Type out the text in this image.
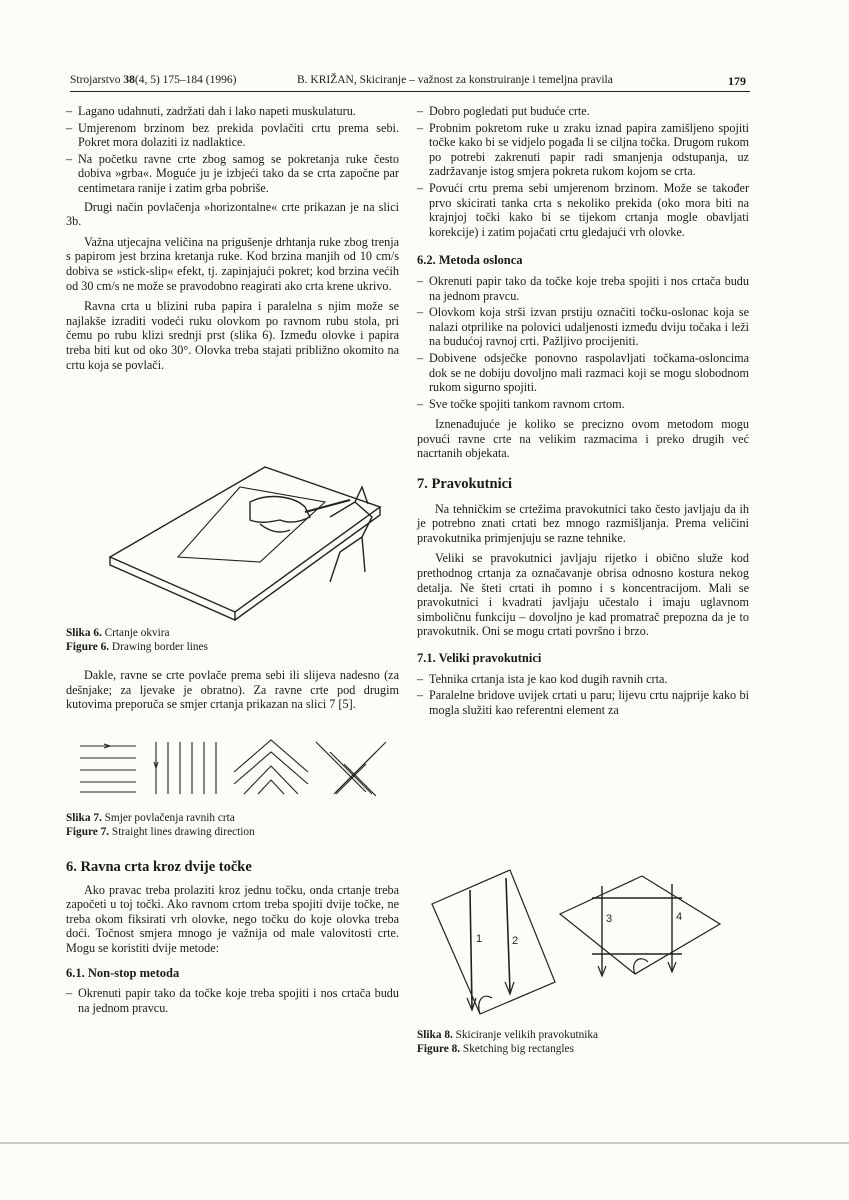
Strojarstvo 38(4, 5) 175–184 (1996)	B. KRIŽAN, Skiciranje – važnost za konstruiranje i temeljna pravila	179
– Lagano udahnuti, zadržati dah i lako napeti muskulaturu.
– Umjerenom brzinom bez prekida povlačiti crtu prema sebi. Pokret mora dolaziti iz nadlaktice.
– Na početku ravne crte zbog samog se pokretanja ruke često dobiva »grba«. Moguće ju je izbjeći tako da se crta započne par centimetara ranije i zatim grba pobriše.

Drugi način povlačenja »horizontalne« crte prikazan je na slici 3b.

Važna utjecajna veličina na prigušenje drhtanja ruke zbog trenja s papirom jest brzina kretanja ruke. Kod brzina manjih od 10 cm/s dobiva se »stick-slip« efekt, tj. zapinjajući pokret; kod brzina većih od 30 cm/s ne može se pravodobno reagirati ako crta krene ukrivo.

Ravna crta u blizini ruba papira i paralelna s njim može se najlakše izraditi vodeći ruku olovkom po ravnom rubu stola, pri čemu po rubu klizi srednji prst (slika 6). Između olovke i papira treba biti kut od oko 30°. Olovka treba stajati približno okomito na crtu koja se povlači.

Slika 6. Crtanje okvira
Figure 6. Drawing border lines

Dakle, ravne se crte povlače prema sebi ili slijeva nadesno (za dešnjake; za ljevake je obratno). Za ravne crte pod drugim kutovima preporuča se smjer crtanja prikazan na slici 7 [5].

Slika 7. Smjer povlačenja ravnih crta
Figure 7. Straight lines drawing direction
6. Ravna crta kroz dvije točke

Ako pravac treba prolaziti kroz jednu točku, onda crtanje treba započeti u toj točki. Ako ravnom crtom treba spojiti dvije točke, ne treba okom fiksirati vrh olovke, nego točku do koje olovka treba doći. Točnost smjera mnogo je važnija od male valovitosti crte. Mogu se koristiti dvije metode:

6.1. Non-stop metoda
– Okrenuti papir tako da točke koje treba spojiti i nos crtača budu na jednom pravcu.
– Dobro pogledati put buduće crte.
– Probnim pokretom ruke u zraku iznad papira zamišljeno spojiti točke kako bi se vidjelo pogađa li se ciljna točka. Drugom rukom po potrebi zakrenuti papir radi smanjenja odstupanja, uz zadržavanje istog smjera pokreta rukom kojom se crta.
– Povući crtu prema sebi umjerenom brzinom. Može se također prvo skicirati tanka crta s nekoliko prekida (oko mora biti na krajnjoj točki kako bi se tijekom crtanja mogle obavljati korekcije) i zatim pojačati crtu gledajući vrh olovke.
6.2. Metoda oslonca
– Okrenuti papir tako da točke koje treba spojiti i nos crtača budu na jednom pravcu.
– Olovkom koja strši izvan prstiju označiti točku-oslonac koja se nalazi otprilike na polovici udaljenosti između dviju točaka i leži na budućoj ravnoj crti. Pažljivo procijeniti.
– Dobivene odsječke ponovno raspolavljati točkama-osloncima dok se ne dobiju dovoljno mali razmaci koji se mogu slobodnom rukom sigurno spojiti.
– Sve točke spojiti tankom ravnom crtom.

Iznenađujuće je koliko se precizno ovom metodom mogu povući ravne crte na velikim razmacima i preko drugih već nacrtanih objekata.

7. Pravokutnici

Na tehničkim se crtežima pravokutnici tako često javljaju da ih je potrebno znati crtati bez mnogo razmišljanja. Prema veličini pravokutnika primjenjuju se razne tehnike.

Veliki se pravokutnici javljaju rijetko i obično služe kod prethodnog crtanja za označavanje obrisa odnosno kostura nekog detalja. Ne šteti crtati ih pomno i s koncentracijom. Mali se pravokutnici i kvadrati javljaju učestalo i imaju uglavnom simboličnu funkciju – dovoljno je kad promatrač prepozna da je to pravokutnik. Oni se mogu crtati površno i brzo.

7.1. Veliki pravokutnici
– Tehnika crtanja ista je kao kod dugih ravnih crta.
– Paralelne bridove uvijek crtati u paru; lijevu crtu najprije kako bi mogla služiti kao referentni element za
1	2
3	4
Slika 8. Skiciranje velikih pravokutnika
Figure 8. Sketching big rectangles
